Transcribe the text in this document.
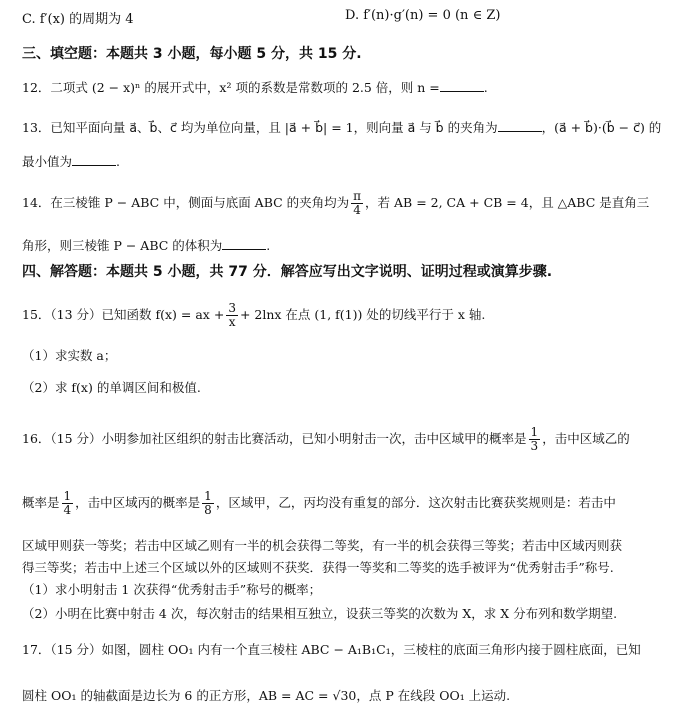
C. f′(x) 的周期为 4	D. f′(n)·g′(n) = 0 (n ∈ Z)
三、填空题：本题共 3 小题，每小题 5 分，共 15 分.
12．二项式 (2 − x)ⁿ 的展开式中，x² 项的系数是常数项的 2.5 倍，则 n =	.
13．已知平面向量 a⃗、b⃗、c⃗ 均为单位向量，且 |a⃗ + b⃗| = 1，则向量 a⃗ 与 b⃗ 的夹角为	，(a⃗ + b⃗)·(b⃗ − c⃗) 的
最小值为	.
14．在三棱锥 P − ABC 中，侧面与底面 ABC 的夹角均为 $\frac{\pi}{4}$ ，若 AB = 2, CA + CB = 4，且 △ABC 是直角三
角形，则三棱锥 P − ABC 的体积为	.
四、解答题：本题共 5 小题，共 77 分．解答应写出文字说明、证明过程或演算步骤.
15．（13 分）已知函数 f(x) = ax + $\frac{3}{x} + 2\ln x$ 在点 (1, f(1)) 处的切线平行于 x 轴.
（1）求实数 a；
（2）求 f(x) 的单调区间和极值.
16．（15 分）小明参加社区组织的射击比赛活动，已知小明射击一次，击中区域甲的概率是 $\frac{1}{3}$ ，击中区域乙的
概率是 $\frac{1}{4}$ ，击中区域丙的概率是 $\frac{1}{8}$ ，区域甲，乙，丙均没有重复的部分．这次射击比赛获奖规则是：若击中
区域甲则获一等奖；若击中区域乙则有一半的机会获得二等奖，有一半的机会获得三等奖；若击中区域丙则获
得三等奖；若击中上述三个区域以外的区域则不获奖．获得一等奖和二等奖的选手被评为“优秀射击手”称号.
（1）求小明射击 1 次获得“优秀射击手”称号的概率；
（2）小明在比赛中射击 4 次，每次射击的结果相互独立，设获三等奖的次数为 X，求 X 分布列和数学期望.
17．（15 分）如图，圆柱 OO₁ 内有一个直三棱柱 ABC − A₁B₁C₁，三棱柱的底面三角形内接于圆柱底面，已知
圆柱 OO₁ 的轴截面是边长为 6 的正方形，AB = AC = √30，点 P 在线段 OO₁ 上运动.
